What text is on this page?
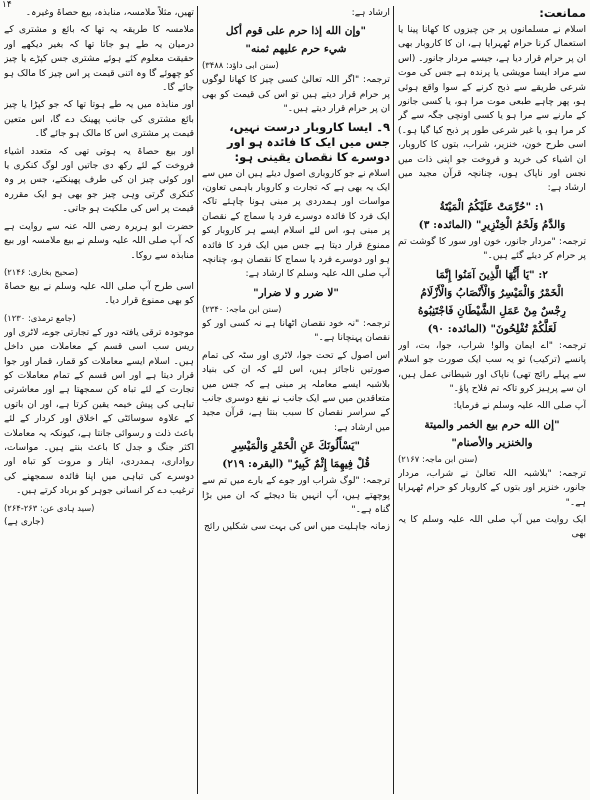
۱۴
ممانعت:

اسلام نے مسلمانوں پر جن چیزوں کا کھانا پینا یا استعمال کرنا حرام ٹھہرایا ہے، ان کا کاروبار بھی ان پر حرام قرار دیا ہے، جیسے مردار جانور۔ (اس سے مراد ایسا مویشی یا پرندہ ہے جس کی موت شرعی طریقے سے ذبح کرنے کے سوا واقع ہوئی ہو، پھر چاہے طبعی موت مرا ہو، یا کسی جانور کے مارنے سے مرا ہو یا کسی اونچی جگہ سے گر کر مرا ہو، یا غیر شرعی طور پر ذبح کیا گیا ہو۔) اسی طرح خون، خنزیر، شراب، بتوں کا کاروبار، ان اشیاء کی خرید و فروخت جو اپنی ذات میں نجس اور ناپاک ہوں، چنانچہ قرآن مجید میں ارشاد ہے:

۱: "حُرِّمَتْ عَلَيْكُمُ الْمَيْتَةُ
وَالدَّمُ وَلَحْمُ الْخِنْزِيرِ" (المائدہ: ۳)

ترجمہ: "مردار جانور، خون اور سور کا گوشت تم پر حرام کر دیئے گئے ہیں۔"

۲: "يَا أَيُّهَا الَّذِينَ آمَنُوا إِنَّمَا
الْخَمْرُ وَالْمَيْسِرُ وَالْأَنْصَابُ وَالْأَزْلَامُ
رِجْسٌ مِنْ عَمَلِ الشَّيْطَانِ فَاجْتَنِبُوهُ
لَعَلَّكُمْ تُفْلِحُونَ" (المائدہ: ۹۰)

ترجمہ: "اے ایمان والو! شراب، جوا، بت، اور پانسے (ترکیب) تو یہ سب ایک صورت جو اسلام سے پہلے رائج تھی) ناپاک اور شیطانی عمل ہیں، ان سے پرہیز کرو تاکہ تم فلاح پاؤ۔"

آپ صلی اللہ علیہ وسلم نے فرمایا:

"إن الله حرم بيع الخمر والميتة
والخنزير والأصنام"
(سنن ابن ماجہ: ۲۱۶۷)

ترجمہ: "بلاشبہ اللہ تعالیٰ نے شراب، مردار جانور، خنزیر اور بتوں کے کاروبار کو حرام ٹھہرایا ہے۔"

ایک روایت میں آپ صلی اللہ علیہ وسلم کا یہ بھی

ارشاد ہے:

"وإن الله إذا حرم على قوم أكل
شيء حرم عليهم ثمنه"
(سنن ابی داؤد: ۳۴۸۸)

ترجمہ: "اگر اللہ تعالیٰ کسی چیز کا کھانا لوگوں پر حرام قرار دیتے ہیں تو اس کی قیمت کو بھی ان پر حرام قرار دیتے ہیں۔"

۹۔ ایسا کاروبار درست نہیں، جس میں ایک کا فائدہ ہو اور دوسرے کا نقصان یقینی ہو:

اسلام نے جو کاروباری اصول دیئے ہیں ان میں سے ایک یہ بھی ہے کہ تجارت و کاروبار باہمی تعاون، مواسات اور ہمدردی پر مبنی ہونا چاہئے تاکہ ایک فرد کا فائدہ دوسرے فرد یا سماج کے نقصان پر مبنی ہو، اس لئے اسلام ایسے ہر کاروبار کو ممنوع قرار دیتا ہے جس میں ایک فرد کا فائدہ ہو اور دوسرے فرد یا سماج کا نقصان ہو، چنانچہ آپ صلی اللہ علیہ وسلم کا ارشاد ہے:

"لا ضرر و لا ضرار"
(سنن ابن ماجہ: ۲۳۴۰)

ترجمہ: "نہ خود نقصان اٹھانا ہے نہ کسی اور کو نقصان پہنچانا ہے۔"

اس اصول کے تحت جوا، لاٹری اور سٹہ کی تمام صورتیں ناجائز ہیں، اس لئے کہ ان کی بنیاد بلاشبہ ایسے معاملہ پر مبنی ہے کہ جس میں متعاقدین میں سے ایک جانب نے نفع دوسری جانب کے سراسر نقصان کا سبب بنتا ہے، قرآن مجید میں ارشاد ہے:

"يَسْأَلُونَكَ عَنِ الْخَمْرِ وَالْمَيْسِرِ
قُلْ فِيهِمَا إِثْمٌ كَبِيرٌ" (البقرہ: ۲۱۹)

ترجمہ: "لوگ شراب اور جوے کے بارے میں تم سے پوچھتے ہیں، آپ انہیں بتا دیجئے کہ ان میں بڑا گناہ ہے۔"

زمانہ جاہلیت میں اس کی بہت سی شکلیں رائج

تھیں، مثلاً ملامسہ، منابذہ، بیع حصاۃ وغیرہ۔

ملامسہ کا طریقہ یہ تھا کہ بائع و مشتری کے درمیان یہ طے ہو جاتا تھا کہ بغیر دیکھے اور حقیقت معلوم کئے ہوئے مشتری جس کپڑے یا چیز کو چھوئے گا وہ اتنی قیمت پر اس چیز کا مالک ہو جائے گا۔

اور منابذہ میں یہ طے ہوتا تھا کہ جو کپڑا یا چیز بائع مشتری کی جانب پھینک دے گا، اس متعین قیمت پر مشتری اس کا مالک ہو جائے گا۔

اور بیع حصاۃ یہ ہوتی تھی کہ متعدد اشیاء فروخت کے لئے رکھ دی جاتیں اور لوگ کنکری یا اور کوئی چیز ان کی طرف پھینکتے، جس پر وہ کنکری گرتی وہی چیز جو بھی ہو ایک مقررہ قیمت پر اس کی ملکیت ہو جاتی۔

حضرت ابو ہریرہ رضی اللہ عنہ سے روایت ہے کہ آپ صلی اللہ علیہ وسلم نے بیع ملامسہ اور بیع منابذہ سے روکا۔

(صحیح بخاری: ۲۱۴۶)

اسی طرح آپ صلی اللہ علیہ وسلم نے بیع حصاۃ کو بھی ممنوع قرار دیا۔

(جامع ترمذی: ۱۲۳۰)

موجودہ ترقی یافتہ دور کے تجارتی جوے، لاٹری اور ریس سب اسی قسم کے معاملات میں داخل ہیں۔ اسلام ایسے معاملات کو قمار، قمار اور جوا قرار دیتا ہے اور اس قسم کے تمام معاملات کو تجارت کے لئے تباہ کن سمجھتا ہے اور معاشرتی تباہی کی پیش خیمہ یقین کرتا ہے، اور ان باتوں کے علاوہ سوسائٹی کے اخلاق اور کردار کے لئے باعث ذلت و رسوائی جانتا ہے، کیونکہ یہ معاملات اکثر جنگ و جدل کا باعث بنتے ہیں۔ مواسات، رواداری، ہمدردی، ایثار و مروت کو تباہ اور دوسرے کی تباہی میں اپنا فائدہ سمجھنے کی ترغیب دے کر انسانی جوہر کو برباد کرتے ہیں۔

(سید ہادی عن: ۲۶۳-۲۶۴)
(جاری ہے)
